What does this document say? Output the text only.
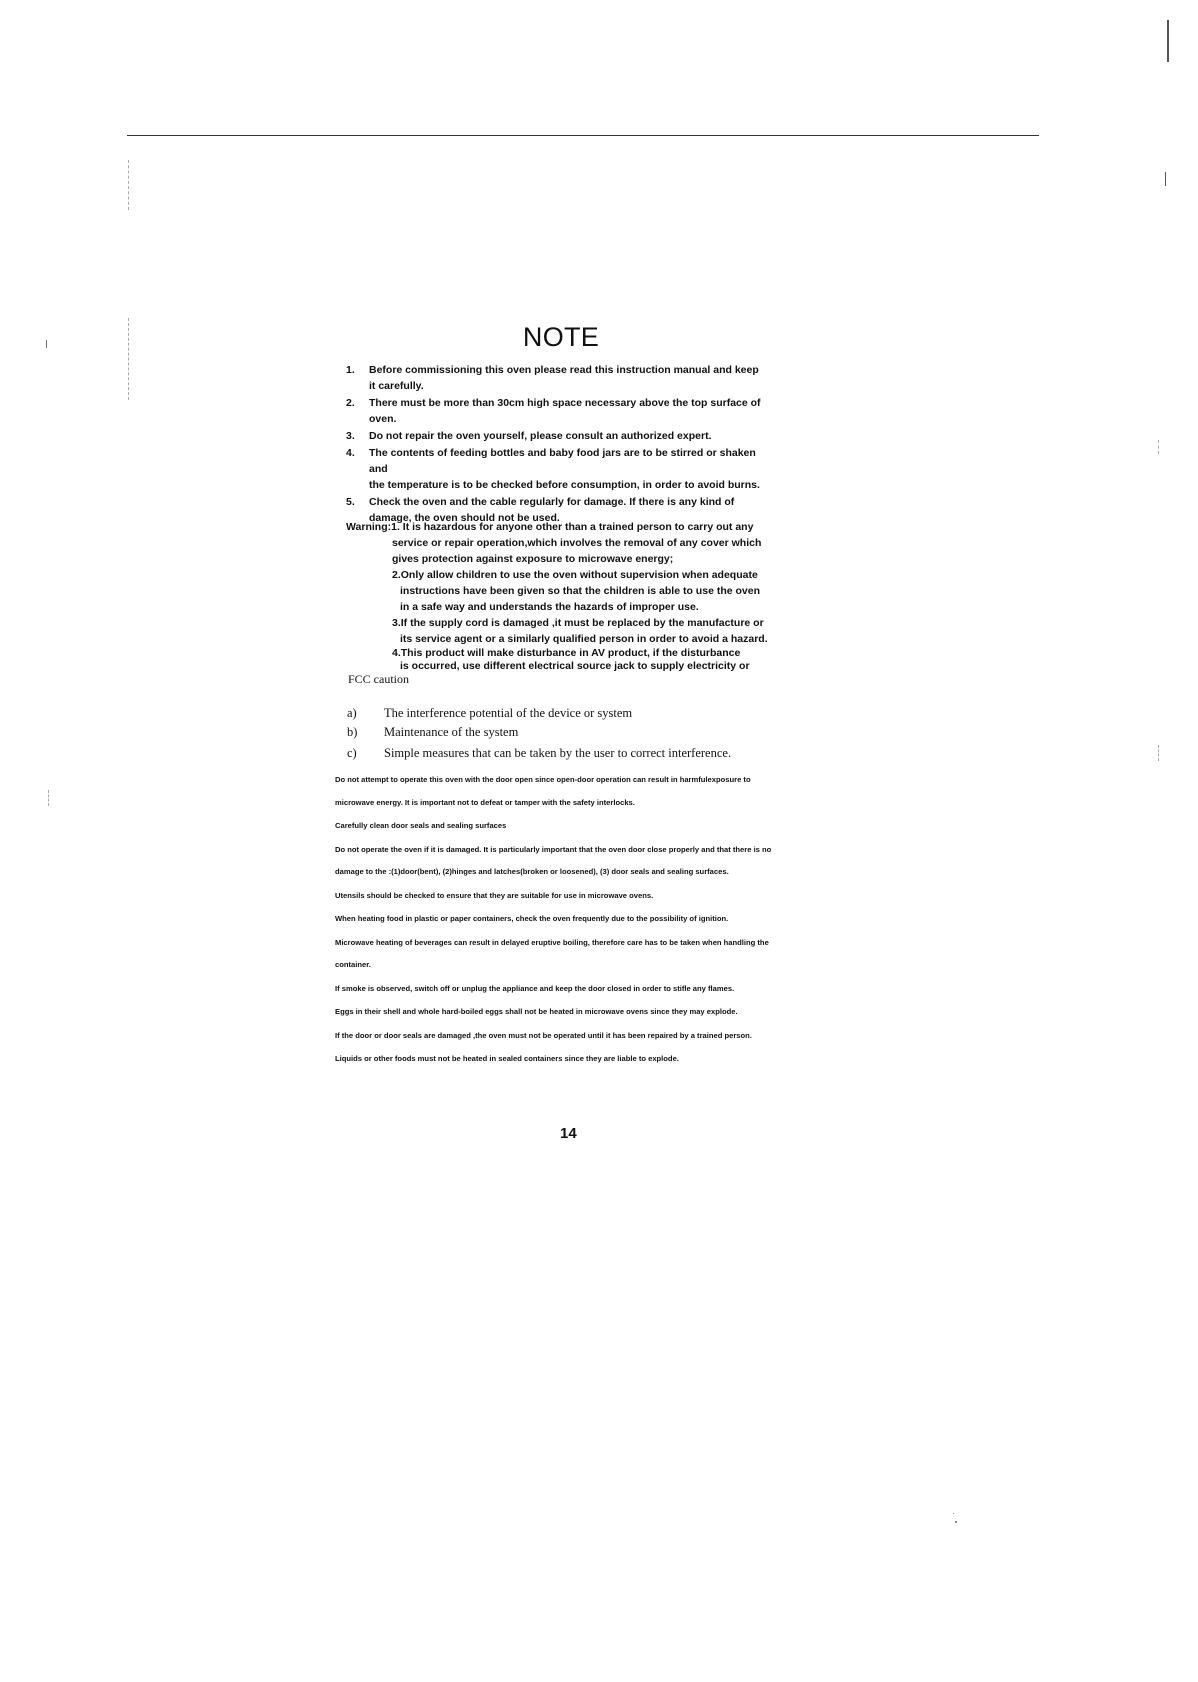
NOTE
1. Before commissioning this oven please read this instruction manual and keep
it carefully.
2. There must be more than 30cm high space necessary above the top surface of
oven.
3. Do not repair the oven yourself, please consult an authorized expert.
4. The contents of feeding bottles and baby food jars are to be stirred or shaken and
the temperature is to be checked before consumption, in order to avoid burns.
5. Check the oven and the cable regularly for damage. If there is any kind of
damage, the oven should not be used.
Warning:1. It is hazardous for anyone other than a trained person to carry out any
service or repair operation,which involves the removal of any cover which
gives protection against exposure to microwave energy;
2.Only allow children to use the oven without supervision when adequate
instructions have been given so that the children is able to use the oven
in a safe way and understands the hazards of improper use.
3.If the supply cord is damaged ,it must be replaced by the manufacture or
its service agent or a similarly qualified person in order to avoid a hazard.
4.This product will make disturbance in AV product, if the disturbance
is occurred, use different electrical source jack to supply electricity or
FCC caution
a) The interference potential of the device or system
b) Maintenance of the system
c) Simple measures that can be taken by the user to correct interference.
Do not attempt to operate this oven with the door open since open-door operation can result in harmfulexposure to
microwave energy. It is important not to defeat or tamper with the safety interlocks.
Carefully clean door seals and sealing surfaces
Do not operate the oven if it is damaged. It is particularly important that the oven door close properly and that there is no
damage to the :(1)door(bent), (2)hinges and latches(broken or loosened), (3) door seals and sealing surfaces.
Utensils should be checked to ensure that they are suitable for use in microwave ovens.
When heating food in plastic or paper containers, check the oven frequently due to the possibility of ignition.
Microwave heating of beverages can result in delayed eruptive boiling, therefore care has to be taken when handling the
container.
If smoke is observed, switch off or unplug the appliance and keep the door closed in order to stifle any flames.
Eggs in their shell and whole hard-boiled eggs shall not be heated in microwave ovens since they may explode.
If the door or door seals are damaged ,the oven must not be operated until it has been repaired by a trained person.
Liquids or other foods must not be heated in sealed containers since they are liable to explode.
14
